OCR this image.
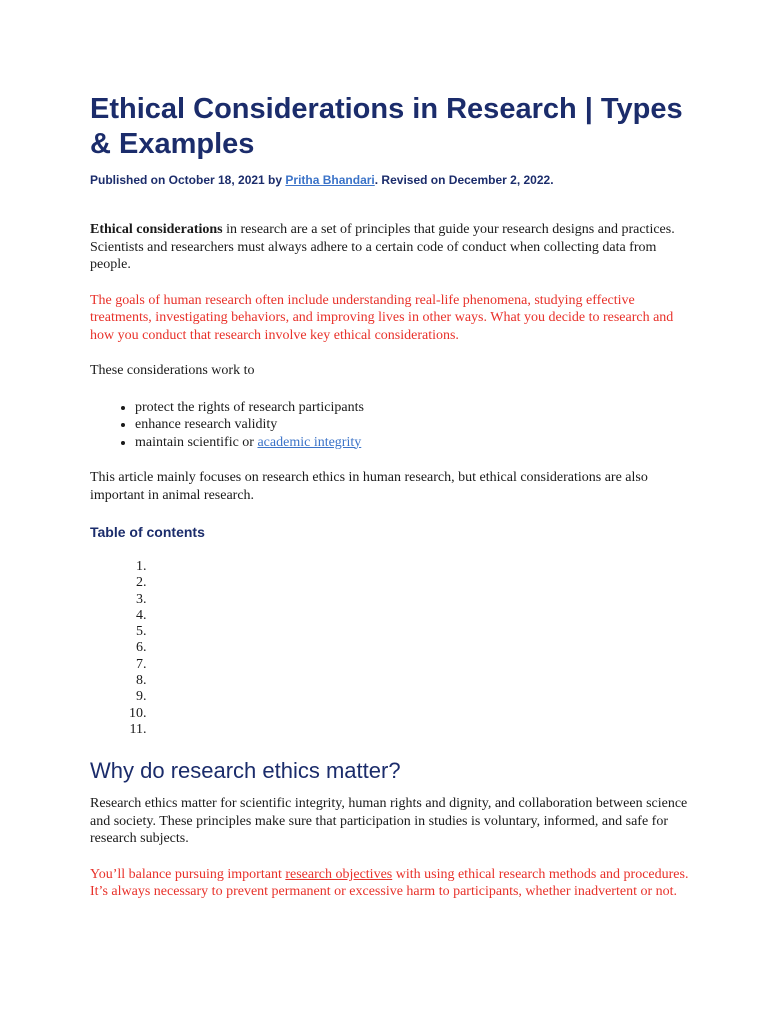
Ethical Considerations in Research | Types & Examples
Published on October 18, 2021 by Pritha Bhandari. Revised on December 2, 2022.

Ethical considerations in research are a set of principles that guide your research designs and practices. Scientists and researchers must always adhere to a certain code of conduct when collecting data from people.

The goals of human research often include understanding real-life phenomena, studying effective treatments, investigating behaviors, and improving lives in other ways. What you decide to research and how you conduct that research involve key ethical considerations.

These considerations work to

• protect the rights of research participants
• enhance research validity
• maintain scientific or academic integrity

This article mainly focuses on research ethics in human research, but ethical considerations are also important in animal research.

Table of contents
1.
2.
3.
4.
5.
6.
7.
8.
9.
10.
11.
Why do research ethics matter?

Research ethics matter for scientific integrity, human rights and dignity, and collaboration between science and society. These principles make sure that participation in studies is voluntary, informed, and safe for research subjects.

You’ll balance pursuing important research objectives with using ethical research methods and procedures. It’s always necessary to prevent permanent or excessive harm to participants, whether inadvertent or not.
